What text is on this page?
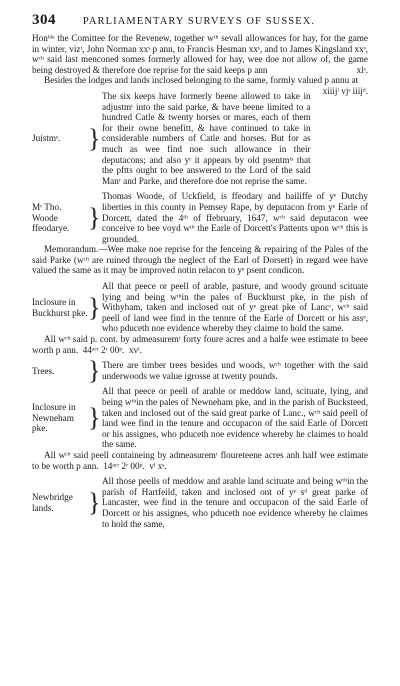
304	PARLIAMENTARY SURVEYS OF SUSSEX.

Honᵇˡᵉ the Comittee for the Revenew, together wᵗʰ sevall allowances for hay, for the game in winter, vizᵗ, John Norman xxˢ p ann, to Francis Hesman xxˢ, and to James Kingsland xxˢ, wᶜʰ said last menconed somes formerly allowed for hay, wee doe not allow of, the game being destroyed & therefore doe reprise for the said keeps p ann	xlˢ.

Besides the lodges and lands inclosed belonging to the same, formly valued p annu at
xiiijˡ vjˢ iiijᵈ.

Juistmˢ.	}
The six keeps have formerly beene allowed to take in adjustmᵗ into the said parke, & have beene limited to a hundred Catle & twenty horses or mares, each of them for their owne benefitt, & have continued to take in considerable numbers of Catle and horses. But for as much as wee find noe such allowance in their deputacons; and also yᵗ it appears by old psentmᵗˢ that the pftts ought to bee answered to the Lord of the said Manʳ and Parke, and therefore doe not reprise the same.
Mʳ Tho. Woode
ffeodarye. }
Thomas Woode, of Uckfield, is ffeodary and bailiffe of yᵉ Dutchy liberties in this county in Pemsey Rape, by deputacon from yᵉ Earle of Dorcett, dated the 4ᵗʰ of ffebruary, 1647, wᶜʰ said deputacon wee conceive to bee voyd wᵗʰ the Earle of Dorcett's Pattents upon wᶜʰ this is grounded.

Memorandum.—Wee make noe reprise for the fenceing & repairing of the Pales of the said Parke (wᶜʰ are ruined through the neglect of the Earl of Dorsett) in regard wee have valued the same as it may be improved notin relacon to yᵉ psent condicon.

Inclosure in
Buckhurst pke. }
All that peece or peell of arable, pasture, and woody ground scituate lying and being wᵗʰin the pales of Buckhurst pke, in the pish of Withyham, taken and inclosed out of yᵉ great pke of Lancʳ, wᶜʰ said peell of land wee find in the tennre of the Earle of Dorcett or his assᵉ, who pduceth noe evidence whereby they claime to hold the same.

All wᶜʰ said p. cont. by admeasuremᵗ forty foure acres and a halfe wee estimate to beee worth p ann. 44ᵃᶜʳ 2ʳ 00ᵖ. xvˡ.

Trees.	} There are timber trees besides und woods, wᶜʰ together with the said underwoods we value igrosse at twenty pounds.
Inclosure in
Newneham
pke.	}
All that peece or peell of arable or meddow land, scituate, lying, and being wᵗʰin the pales of Newneham pke, and in the parish of Bucksteed, taken and inclosed out of the said great parke of Lanc., wᶜʰ said peell of land wee find in the tenure and occupacon of the said Earle of Dorcett or his assignes, who pduceth noe evidence whereby he claimes to hoald the same.

All wᶜʰ said peell containeing by admeasuremᵗ floureteene acres anh half wee estimate to be worth p ann. 14ᵃᶜʳ 2ʳ 00ᵖ. vˡ xˢ.

Newbridge
lands.	}
All those peells of meddow and arable land scituate and being wᵗʰin the parish of Hartfeild, taken and inclosed ont of yᵉ sᵈ great parke of Lancaster, wee find in the tenure and occupacon of the said Earle of Dorcett or his assignes, who pduceth noe evidence whereby he claimes to hold the same,
